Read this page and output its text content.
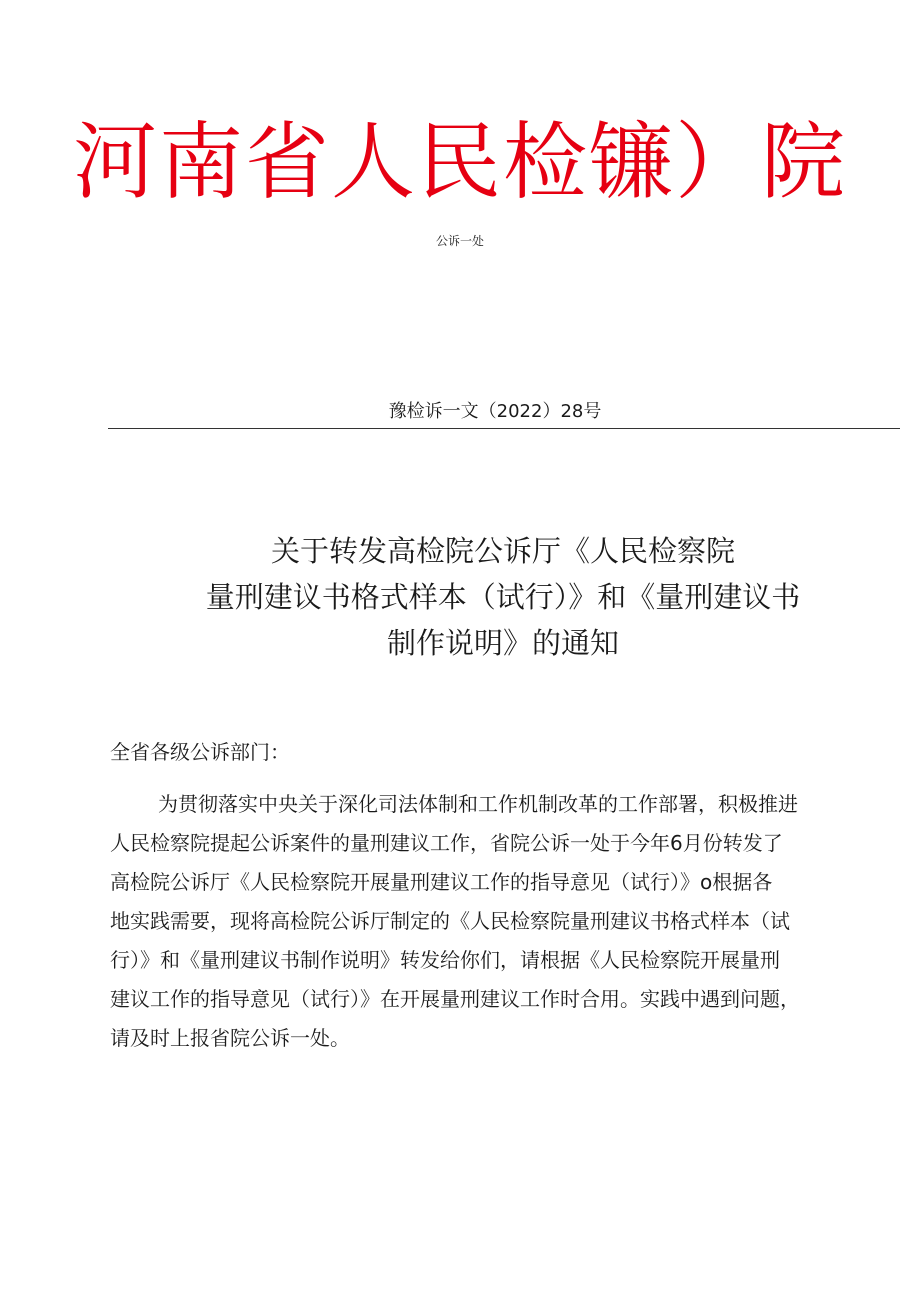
河南省人民检镰）院
公诉一处
豫检诉一文（2022）28号
关于转发高检院公诉厅《人民检察院
量刑建议书格式样本（试行）》和《量刑建议书
制作说明》的通知
全省各级公诉部门：
为贯彻落实中央关于深化司法体制和工作机制改革的工作部署，积极推进
人民检察院提起公诉案件的量刑建议工作，省院公诉一处于今年6月份转发了
高检院公诉厅《人民检察院开展量刑建议工作的指导意见（试行）》o根据各
地实践需要，现将高检院公诉厅制定的《人民检察院量刑建议书格式样本（试
行）》和《量刑建议书制作说明》转发给你们，请根据《人民检察院开展量刑
建议工作的指导意见（试行）》在开展量刑建议工作时合用。实践中遇到问题，
请及时上报省院公诉一处。
